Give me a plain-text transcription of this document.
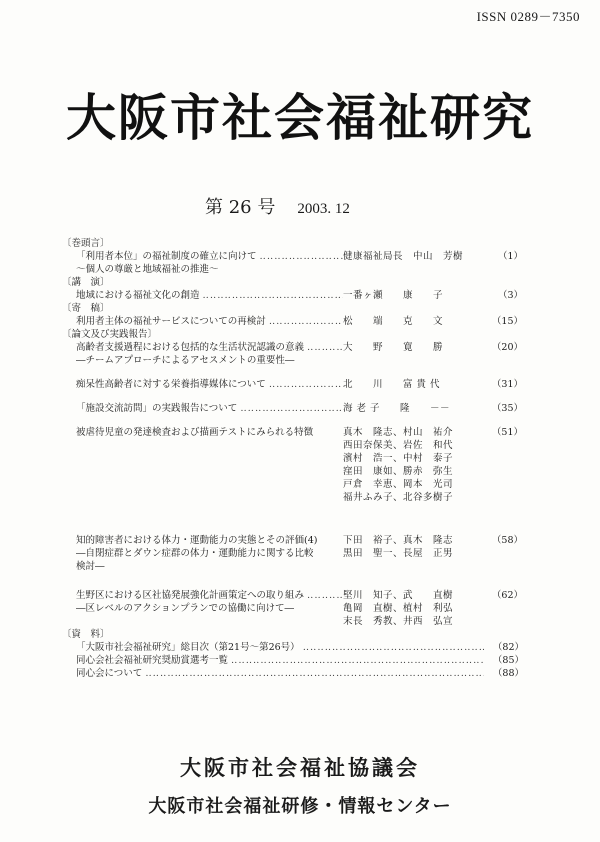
ISSN 0289－7350
大阪市社会福祉研究
第 26 号 2003. 12
〔巻頭言〕
「利用者本位」の福祉制度の確立に向けて ‥‥‥‥‥‥‥‥‥‥‥‥‥‥‥‥‥‥‥‥‥‥‥‥‥‥‥‥‥‥‥‥‥‥‥‥‥‥‥‥	健康福祉局長　中山　芳樹	（1）
～個人の尊厳と地域福祉の推進～
〔講　演〕
地域における福祉文化の創造 ‥‥‥‥‥‥‥‥‥‥‥‥‥‥‥‥‥‥‥‥‥‥‥‥‥‥‥‥‥‥‥‥‥‥‥‥‥‥‥‥	一番ヶ瀬　　康　　子	（3）
〔寄　稿〕
利用者主体の福祉サービスについての再検討 ‥‥‥‥‥‥‥‥‥‥‥‥‥‥‥‥‥‥‥‥‥‥‥‥‥‥‥‥‥‥‥‥‥‥‥‥‥‥‥‥	松　　端　　克　　文	（15）
〔論文及び実践報告〕
高齢者支援過程における包括的な生活状況認識の意義 ‥‥‥‥‥‥‥‥‥‥‥‥‥‥‥‥‥‥‥‥‥‥‥‥‥‥‥‥‥‥‥‥‥‥‥‥‥‥‥‥	大　　野　　寛　　勝	（20）
―チームアプローチによるアセスメントの重要性―
痴呆性高齢者に対する栄養指導媒体について ‥‥‥‥‥‥‥‥‥‥‥‥‥‥‥‥‥‥‥‥‥‥‥‥‥‥‥‥‥‥‥‥‥‥‥‥‥‥‥‥	北　　川　　富 貴 代	（31）
「施設交流訪問」の実践報告について ‥‥‥‥‥‥‥‥‥‥‥‥‥‥‥‥‥‥‥‥‥‥‥‥‥‥‥‥‥‥‥‥‥‥‥‥‥‥‥‥	海 老 子　　隆　　－－	（35）
被虐待児童の発達検査および描画テストにみられる特徴	真木　隆志、村山　祐介	（51）
西田奈保美、岩佐　和代
濱村　浩一、中村　泰子
窪田　康如、勝赤　弥生
戸倉　幸恵、岡本　光司
福井ふみ子、北谷多樹子
知的障害者における体力・運動能力の実態とその評価(4)	下田　裕子、真木　隆志	（58）
―自閉症群とダウン症群の体力・運動能力に関する比較	黒田　聖一、長屋　正男
検討―
生野区における区社協発展強化計画策定への取り組み ‥‥‥‥‥‥‥‥‥‥‥‥‥‥‥‥‥‥‥‥‥‥‥‥‥‥‥‥‥‥‥‥‥‥‥‥‥‥‥‥	堅川　知子、武　　直樹	（62）
―区レベルのアクションプランでの協働に向けて―	亀岡　直樹、植村　利弘
末長　秀教、井西　弘宣
〔資　料〕
「大阪市社会福祉研究」総目次（第21号～第26号） ‥‥‥‥‥‥‥‥‥‥‥‥‥‥‥‥‥‥‥‥‥‥‥‥‥‥‥‥‥‥‥‥‥‥‥‥‥‥‥‥‥‥‥‥‥‥‥‥‥‥‥‥‥‥‥‥‥‥‥‥‥‥‥‥‥‥	（82）
同心会社会福祉研究奨励賞選考一覧 ‥‥‥‥‥‥‥‥‥‥‥‥‥‥‥‥‥‥‥‥‥‥‥‥‥‥‥‥‥‥‥‥‥‥‥‥‥‥‥‥‥‥‥‥‥‥‥‥‥‥‥‥‥‥‥‥‥‥‥‥‥‥‥‥‥‥	（85）
同心会について ‥‥‥‥‥‥‥‥‥‥‥‥‥‥‥‥‥‥‥‥‥‥‥‥‥‥‥‥‥‥‥‥‥‥‥‥‥‥‥‥‥‥‥‥‥‥‥‥‥‥‥‥‥‥‥‥‥‥‥‥‥‥‥‥‥‥	（88）
大阪市社会福祉協議会
大阪市社会福祉研修・情報センター
